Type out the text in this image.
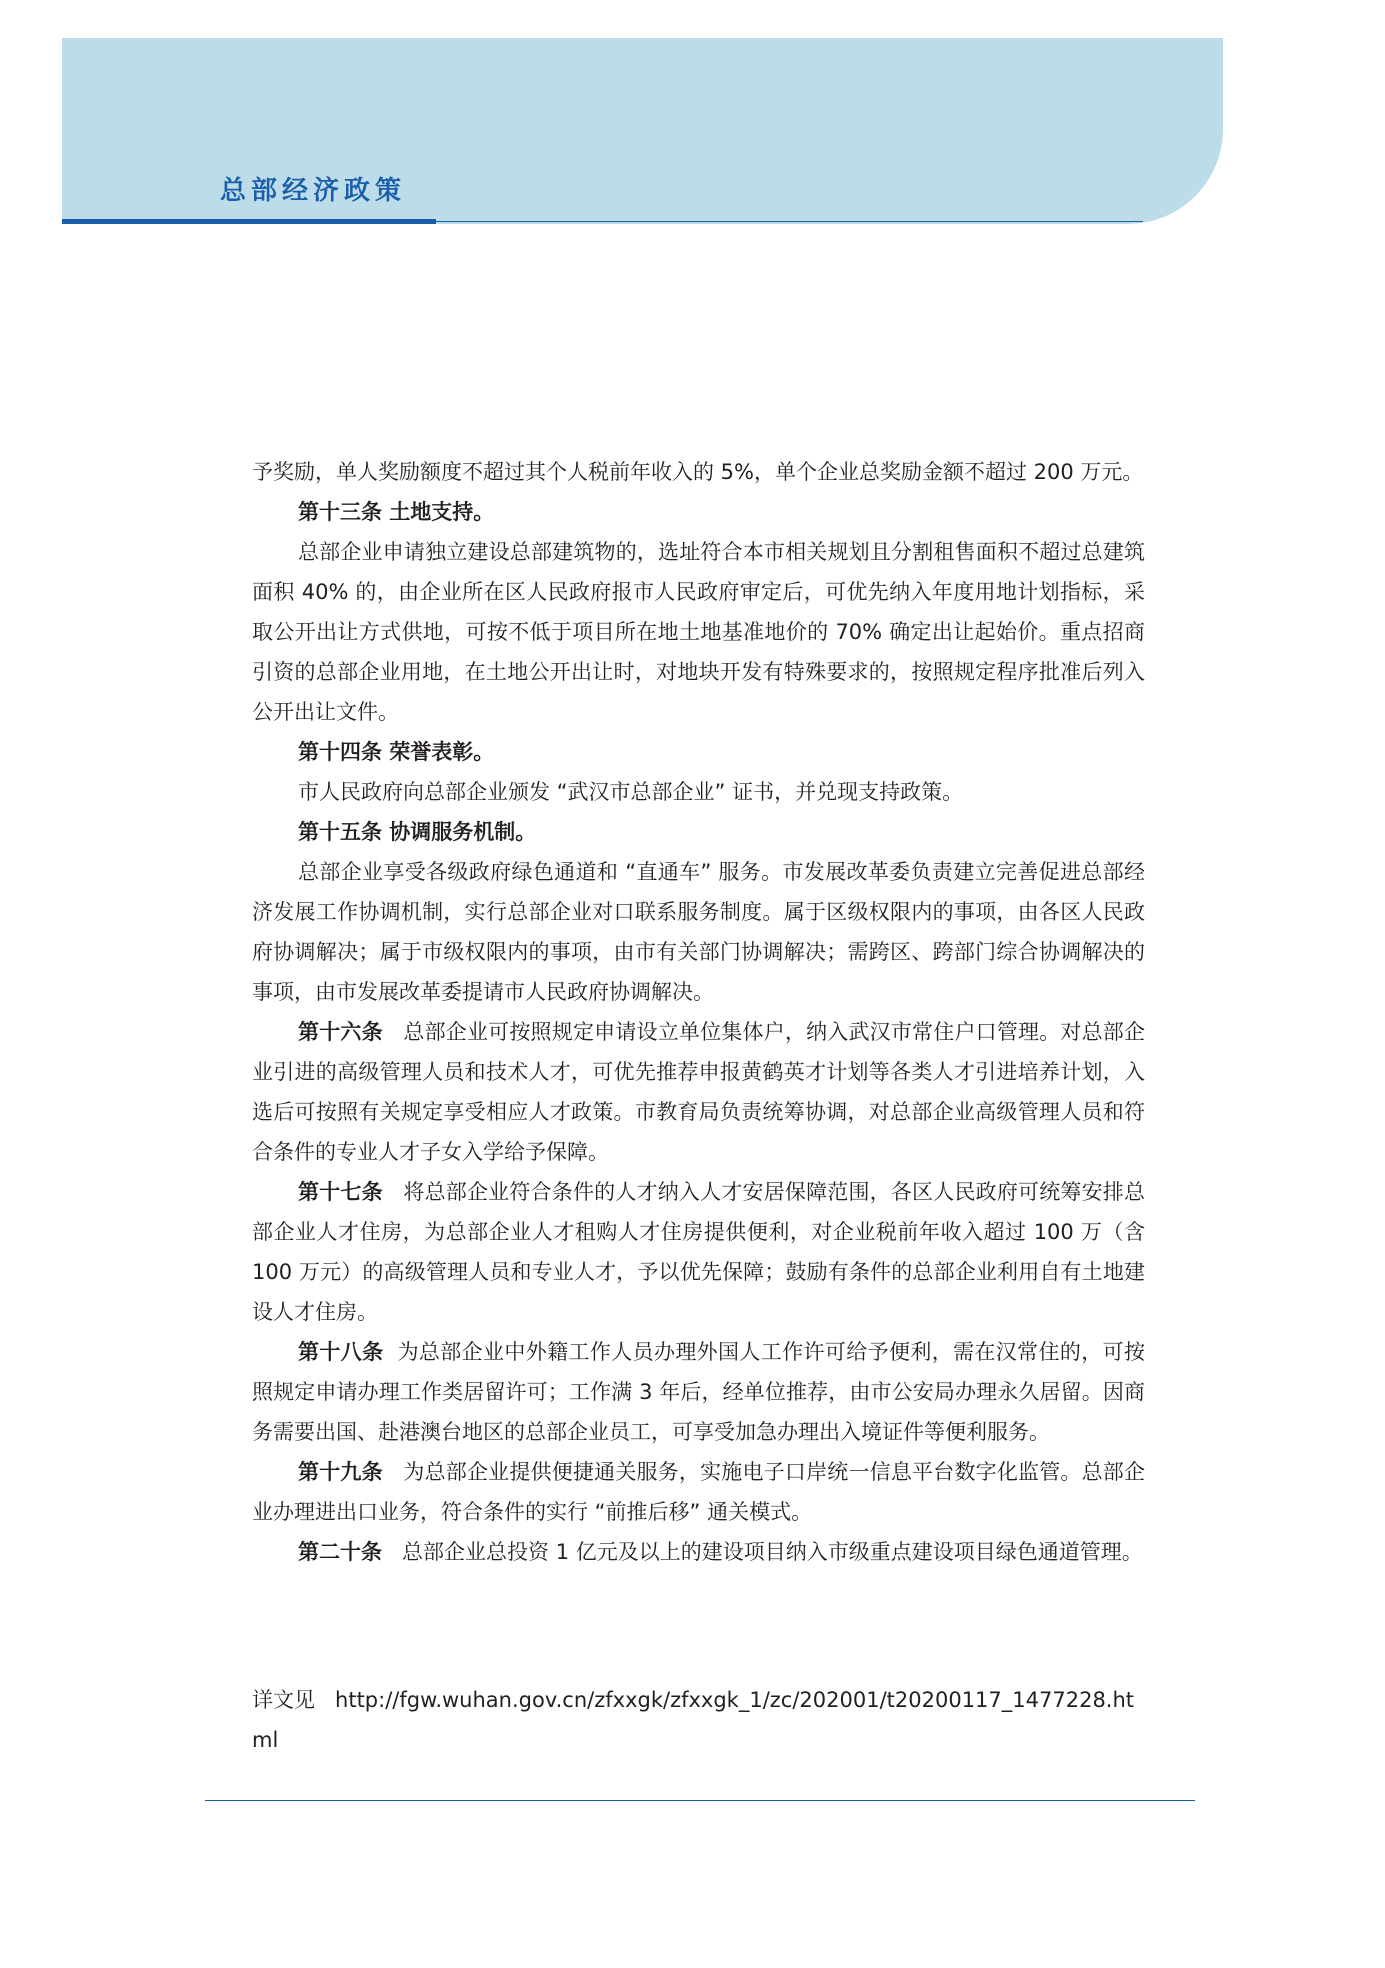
总部经济政策

予奖励，单人奖励额度不超过其个人税前年收入的 5%，单个企业总奖励金额不超过 200 万元。

第十三条 土地支持。

总部企业申请独立建设总部建筑物的，选址符合本市相关规划且分割租售面积不超过总建筑面积 40% 的，由企业所在区人民政府报市人民政府审定后，可优先纳入年度用地计划指标，采取公开出让方式供地，可按不低于项目所在地土地基准地价的 70% 确定出让起始价。重点招商引资的总部企业用地，在土地公开出让时，对地块开发有特殊要求的，按照规定程序批准后列入公开出让文件。

第十四条 荣誉表彰。

市人民政府向总部企业颁发 “武汉市总部企业” 证书，并兑现支持政策。

第十五条 协调服务机制。

总部企业享受各级政府绿色通道和 “直通车” 服务。市发展改革委负责建立完善促进总部经济发展工作协调机制，实行总部企业对口联系服务制度。属于区级权限内的事项，由各区人民政府协调解决；属于市级权限内的事项，由市有关部门协调解决；需跨区、跨部门综合协调解决的事项，由市发展改革委提请市人民政府协调解决。

第十六条 总部企业可按照规定申请设立单位集体户，纳入武汉市常住户口管理。对总部企业引进的高级管理人员和技术人才，可优先推荐申报黄鹤英才计划等各类人才引进培养计划，入选后可按照有关规定享受相应人才政策。市教育局负责统筹协调，对总部企业高级管理人员和符合条件的专业人才子女入学给予保障。

第十七条 将总部企业符合条件的人才纳入人才安居保障范围，各区人民政府可统筹安排总部企业人才住房，为总部企业人才租购人才住房提供便利，对企业税前年收入超过 100 万（含 100 万元）的高级管理人员和专业人才，予以优先保障；鼓励有条件的总部企业利用自有土地建设人才住房。

第十八条 为总部企业中外籍工作人员办理外国人工作许可给予便利，需在汉常住的，可按照规定申请办理工作类居留许可；工作满 3 年后，经单位推荐，由市公安局办理永久居留。因商务需要出国、赴港澳台地区的总部企业员工，可享受加急办理出入境证件等便利服务。

第十九条 为总部企业提供便捷通关服务，实施电子口岸统一信息平台数字化监管。总部企业办理进出口业务，符合条件的实行 “前推后移” 通关模式。

第二十条 总部企业总投资 1 亿元及以上的建设项目纳入市级重点建设项目绿色通道管理。

详文见 http://fgw.wuhan.gov.cn/zfxxgk/zfxxgk_1/zc/202001/t20200117_1477228.html
